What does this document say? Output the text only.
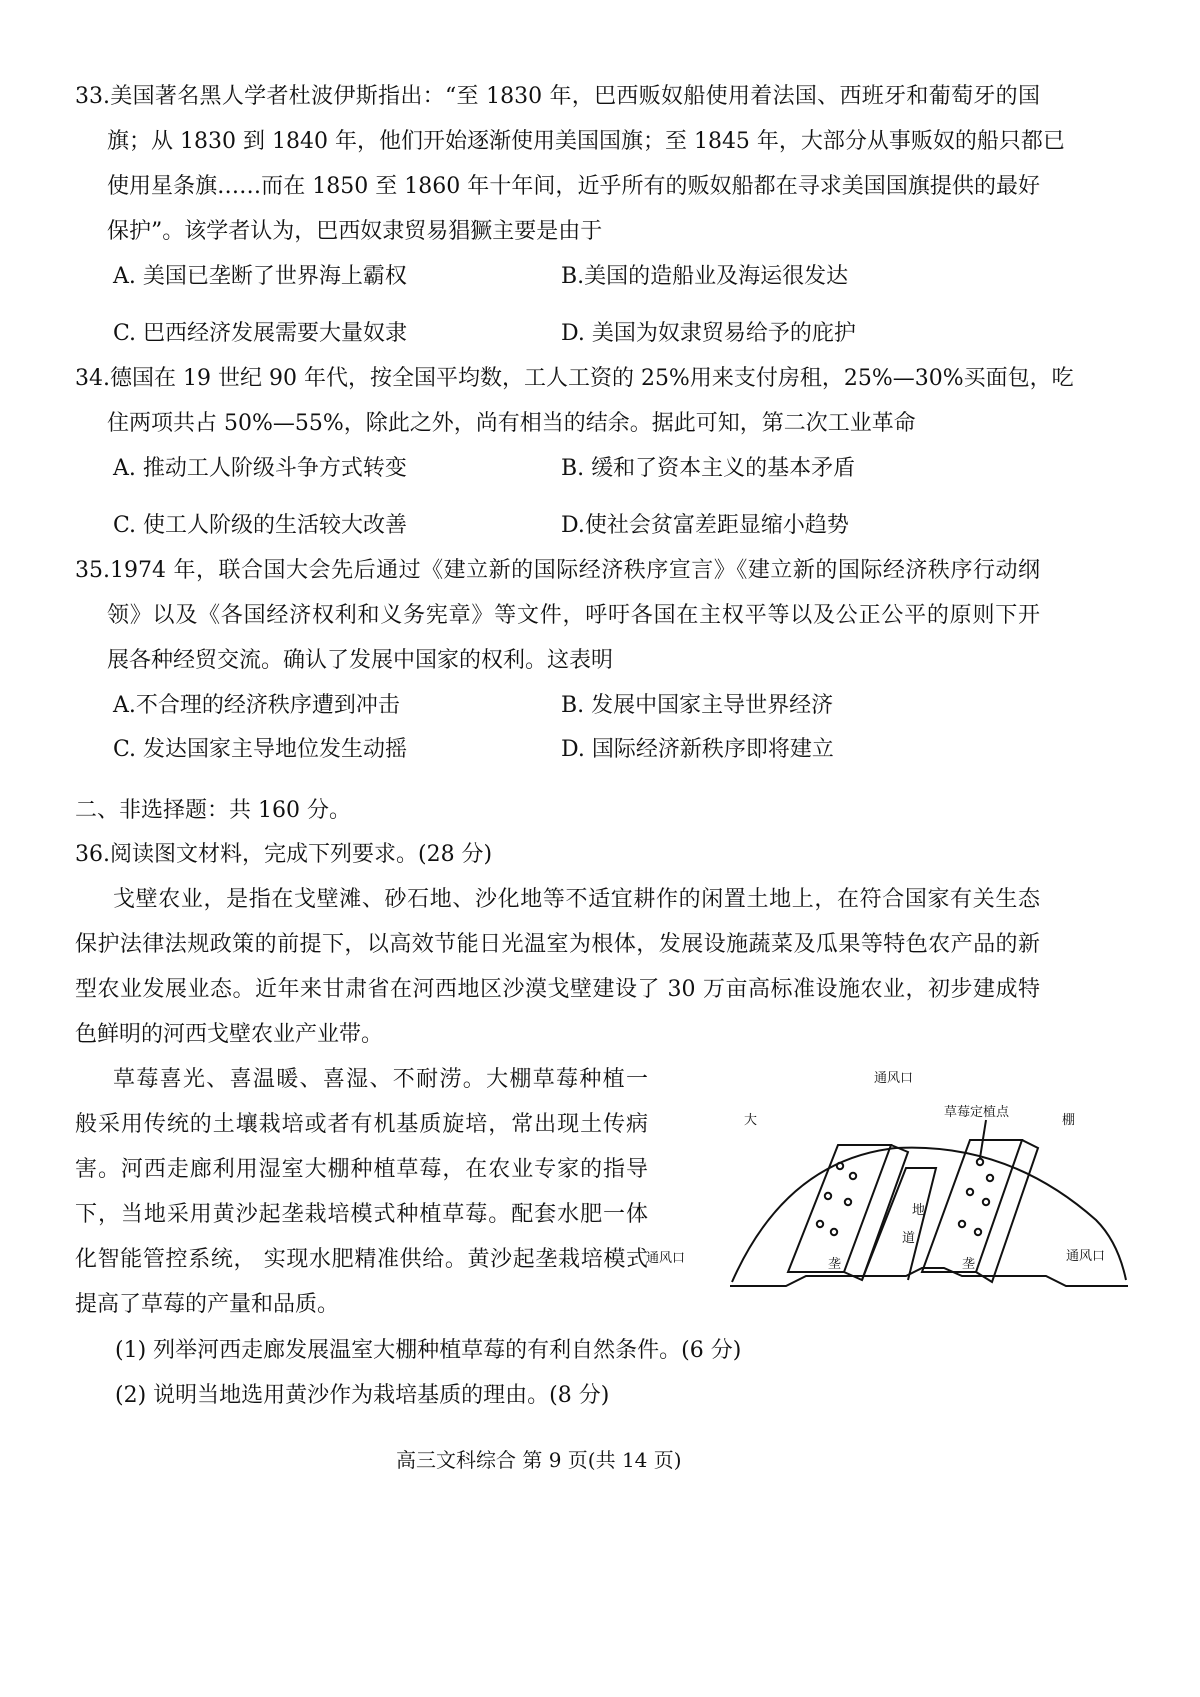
33.美国著名黑人学者杜波伊斯指出：“至 1830 年，巴西贩奴船使用着法国、西班牙和葡萄牙的国
旗；从 1830 到 1840 年，他们开始逐渐使用美国国旗；至 1845 年，大部分从事贩奴的船只都已
使用星条旗……而在 1850 至 1860 年十年间，近乎所有的贩奴船都在寻求美国国旗提供的最好
保护”。该学者认为，巴西奴隶贸易猖獗主要是由于
A. 美国已垄断了世界海上霸权	B.美国的造船业及海运很发达
C. 巴西经济发展需要大量奴隶	D. 美国为奴隶贸易给予的庇护
34.德国在 19 世纪 90 年代，按全国平均数，工人工资的 25%用来支付房租，25%—30%买面包，吃
住两项共占 50%—55%，除此之外，尚有相当的结余。据此可知，第二次工业革命
A. 推动工人阶级斗争方式转变	B. 缓和了资本主义的基本矛盾
C. 使工人阶级的生活较大改善	D.使社会贫富差距显缩小趋势
35.1974 年，联合国大会先后通过《建立新的国际经济秩序宣言》《建立新的国际经济秩序行动纲
领》以及《各国经济权利和义务宪章》等文件，呼吁各国在主权平等以及公正公平的原则下开
展各种经贸交流。确认了发展中国家的权利。这表明
A.不合理的经济秩序遭到冲击	B. 发展中国家主导世界经济
C. 发达国家主导地位发生动摇	D. 国际经济新秩序即将建立
二、非选择题：共 160 分。
36.阅读图文材料，完成下列要求。(28 分)
戈壁农业，是指在戈壁滩、砂石地、沙化地等不适宜耕作的闲置土地上，在符合国家有关生态
保护法律法规政策的前提下，以高效节能日光温室为根体，发展设施蔬菜及瓜果等特色农产品的新
型农业发展业态。近年来甘肃省在河西地区沙漠戈壁建设了 30 万亩高标准设施农业，初步建成特
色鲜明的河西戈壁农业产业带。
草莓喜光、喜温暖、喜湿、不耐涝。大棚草莓种植一
般采用传统的土壤栽培或者有机基质旋培，常出现土传病
害。河西走廊利用湿室大棚种植草莓，在农业专家的指导
下，当地采用黄沙起垄栽培模式种植草莓。配套水肥一体
化智能管控系统， 实现水肥精准供给。黄沙起垄栽培模式
提高了草莓的产量和品质。
(1) 列举河西走廊发展温室大棚种植草莓的有利自然条件。(6 分)
(2) 说明当地选用黄沙作为栽培基质的理由。(8 分)
通风口
大	棚
草莓定植点
地
道
垄	垄
通风口	通风口
高三文科综合 第 9 页(共 14 页)
